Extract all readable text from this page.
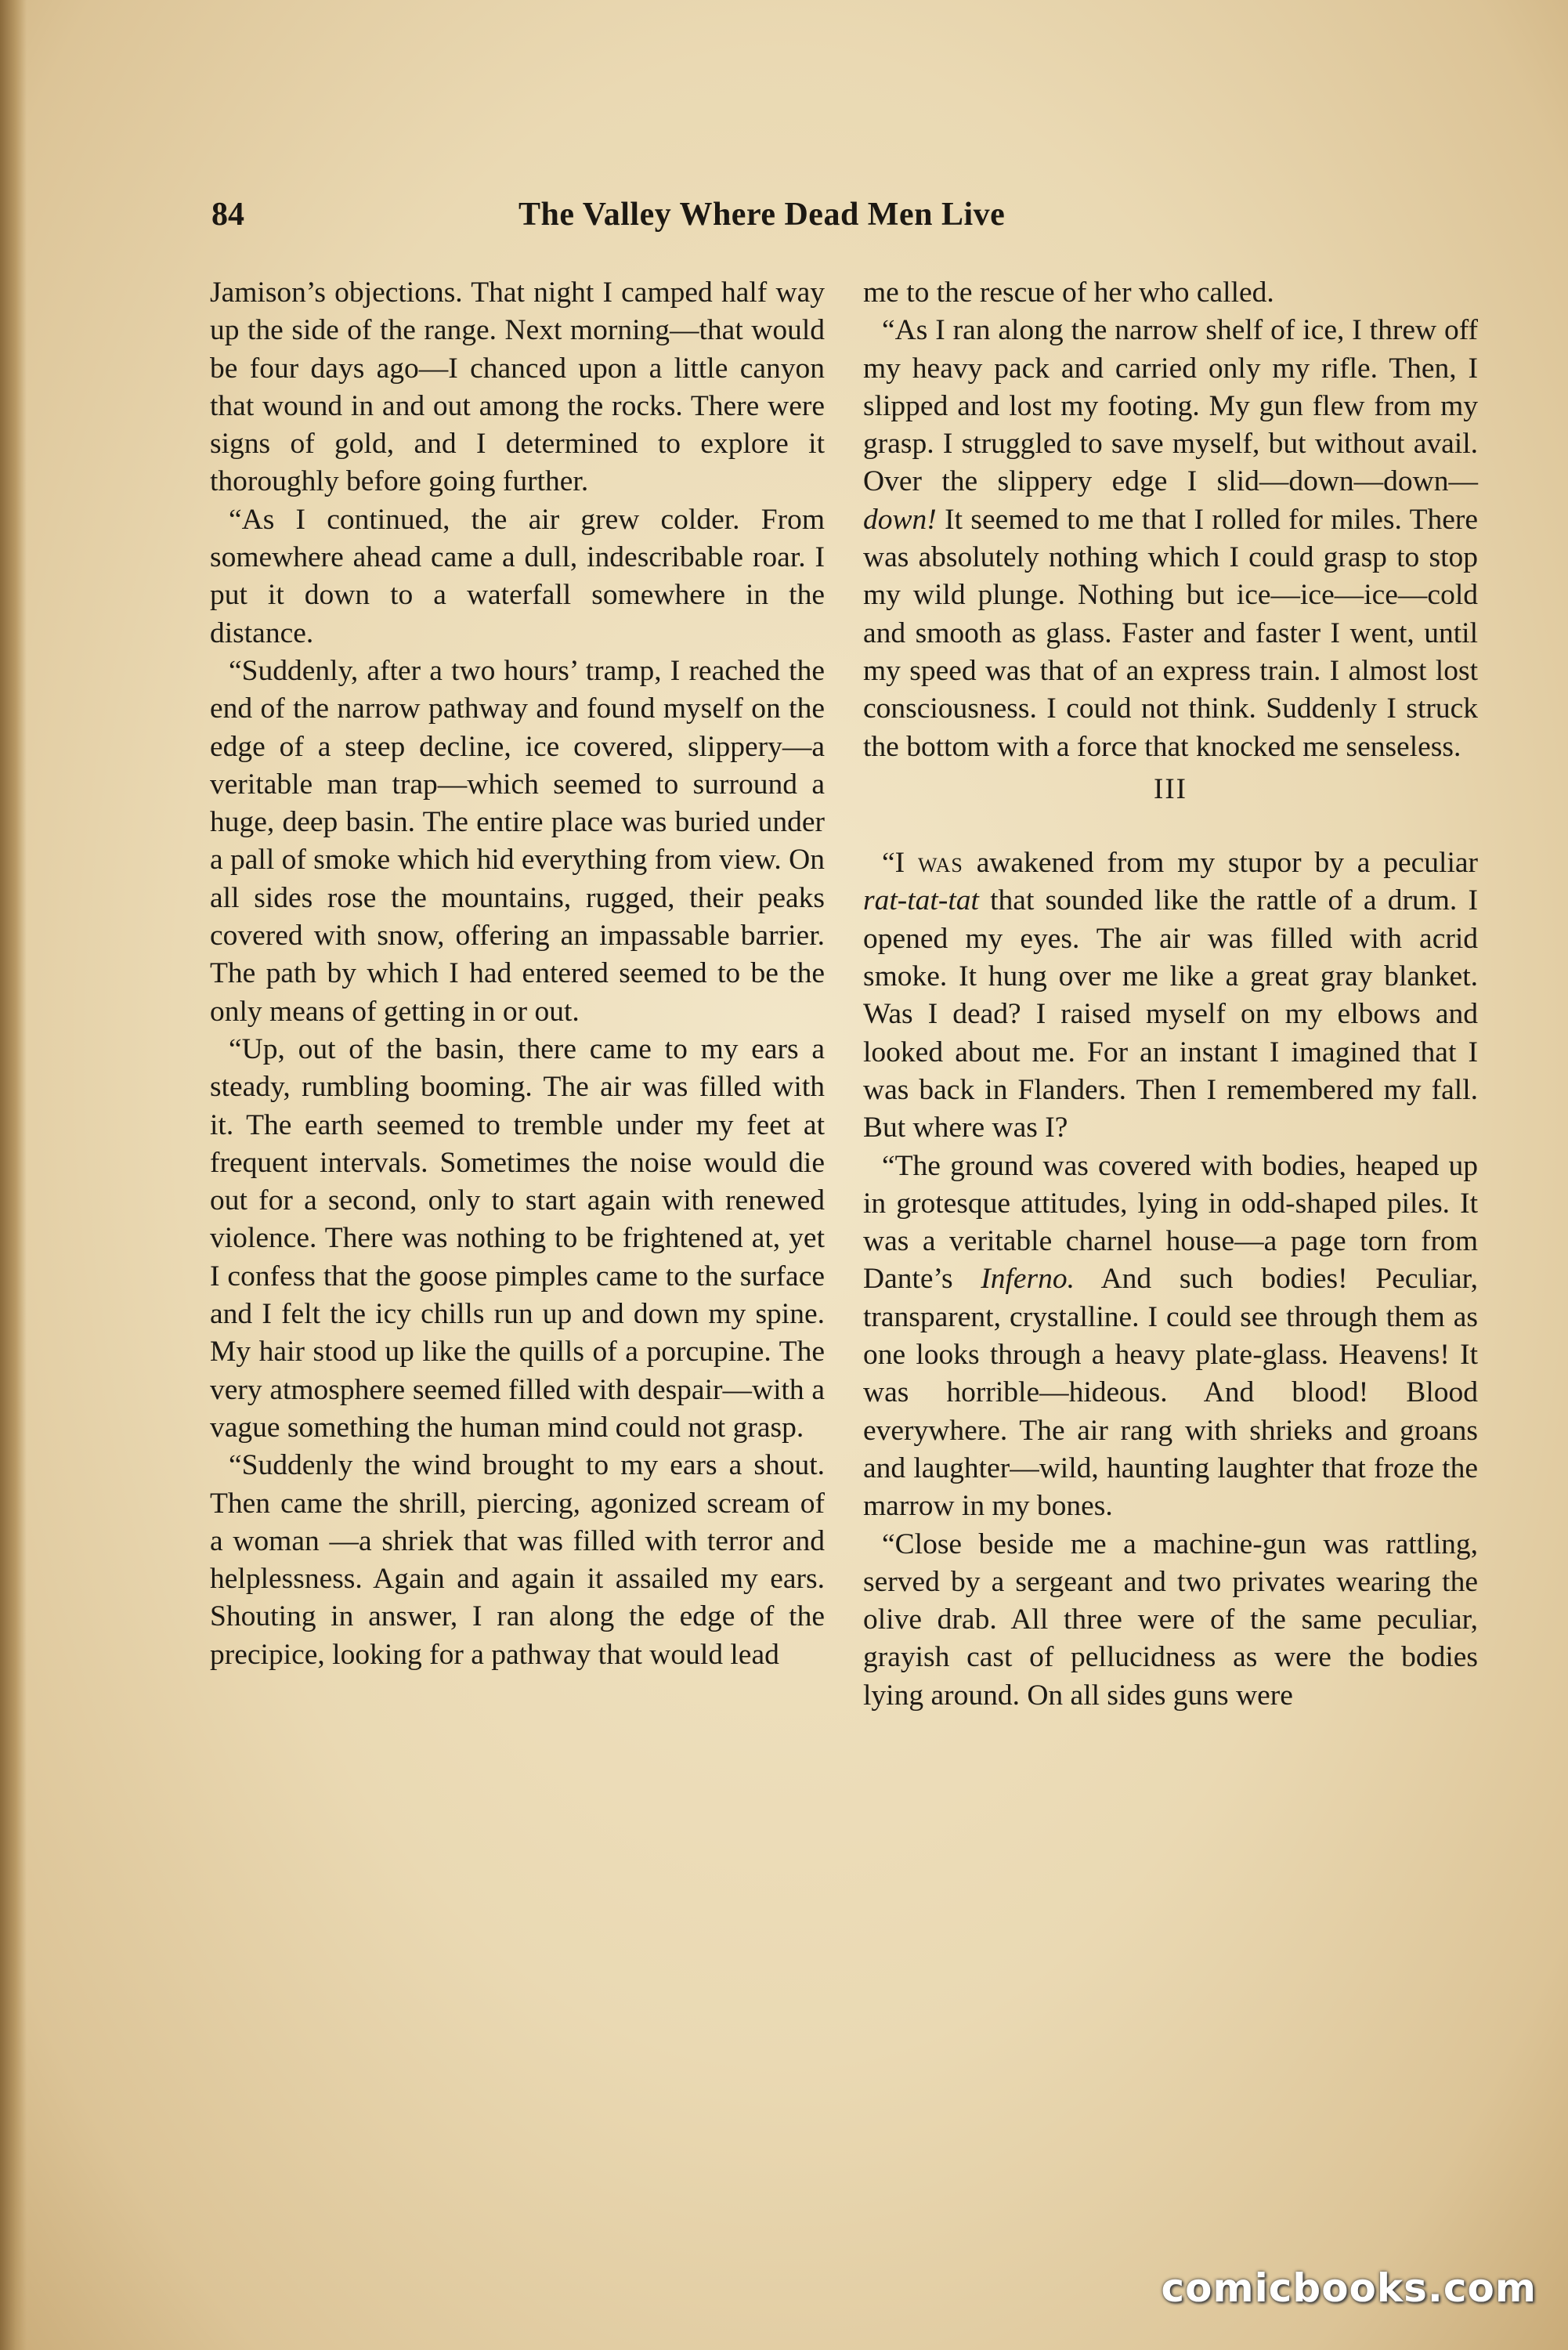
84	The Valley Where Dead Men Live

Jamison’s objections. That night I camped half way up the side of the range. Next morning—that would be four days ago—I chanced upon a little canyon that wound in and out among the rocks. There were signs of gold, and I determined to explore it thoroughly before going further.

“As I continued, the air grew colder. From somewhere ahead came a dull, indescribable roar. I put it down to a waterfall somewhere in the distance.

“Suddenly, after a two hours’ tramp, I reached the end of the narrow pathway and found myself on the edge of a steep decline, ice covered, slippery—a veritable man trap—which seemed to surround a huge, deep basin. The entire place was buried under a pall of smoke which hid everything from view. On all sides rose the mountains, rugged, their peaks covered with snow, offering an impassable barrier. The path by which I had entered seemed to be the only means of getting in or out.

“Up, out of the basin, there came to my ears a steady, rumbling booming. The air was filled with it. The earth seemed to tremble under my feet at frequent intervals. Sometimes the noise would die out for a second, only to start again with renewed violence. There was nothing to be frightened at, yet I confess that the goose pimples came to the surface and I felt the icy chills run up and down my spine. My hair stood up like the quills of a porcupine. The very atmosphere seemed filled with despair—with a vague something the human mind could not grasp.

“Suddenly the wind brought to my ears a shout. Then came the shrill, piercing, agonized scream of a woman —a shriek that was filled with terror and helplessness. Again and again it assailed my ears. Shouting in answer, I ran along the edge of the precipice, looking for a pathway that would lead

me to the rescue of her who called.

“As I ran along the narrow shelf of ice, I threw off my heavy pack and carried only my rifle. Then, I slipped and lost my footing. My gun flew from my grasp. I struggled to save myself, but without avail. Over the slippery edge I slid—down—down—down! It seemed to me that I rolled for miles. There was absolutely nothing which I could grasp to stop my wild plunge. Nothing but ice—ice—ice—cold and smooth as glass. Faster and faster I went, until my speed was that of an express train. I almost lost consciousness. I could not think. Suddenly I struck the bottom with a force that knocked me senseless.

III

“I was awakened from my stupor by a peculiar rat-tat-tat that sounded like the rattle of a drum. I opened my eyes. The air was filled with acrid smoke. It hung over me like a great gray blanket. Was I dead? I raised myself on my elbows and looked about me. For an instant I imagined that I was back in Flanders. Then I remembered my fall. But where was I?

“The ground was covered with bodies, heaped up in grotesque attitudes, lying in odd-shaped piles. It was a veritable charnel house—a page torn from Dante’s Inferno. And such bodies! Peculiar, transparent, crystalline. I could see through them as one looks through a heavy plate-glass. Heavens! It was horrible—hideous. And blood! Blood everywhere. The air rang with shrieks and groans and laughter—wild, haunting laughter that froze the marrow in my bones.

“Close beside me a machine-gun was rattling, served by a sergeant and two privates wearing the olive drab. All three were of the same peculiar, grayish cast of pellucidness as were the bodies lying around. On all sides guns were

comicbooks.com
